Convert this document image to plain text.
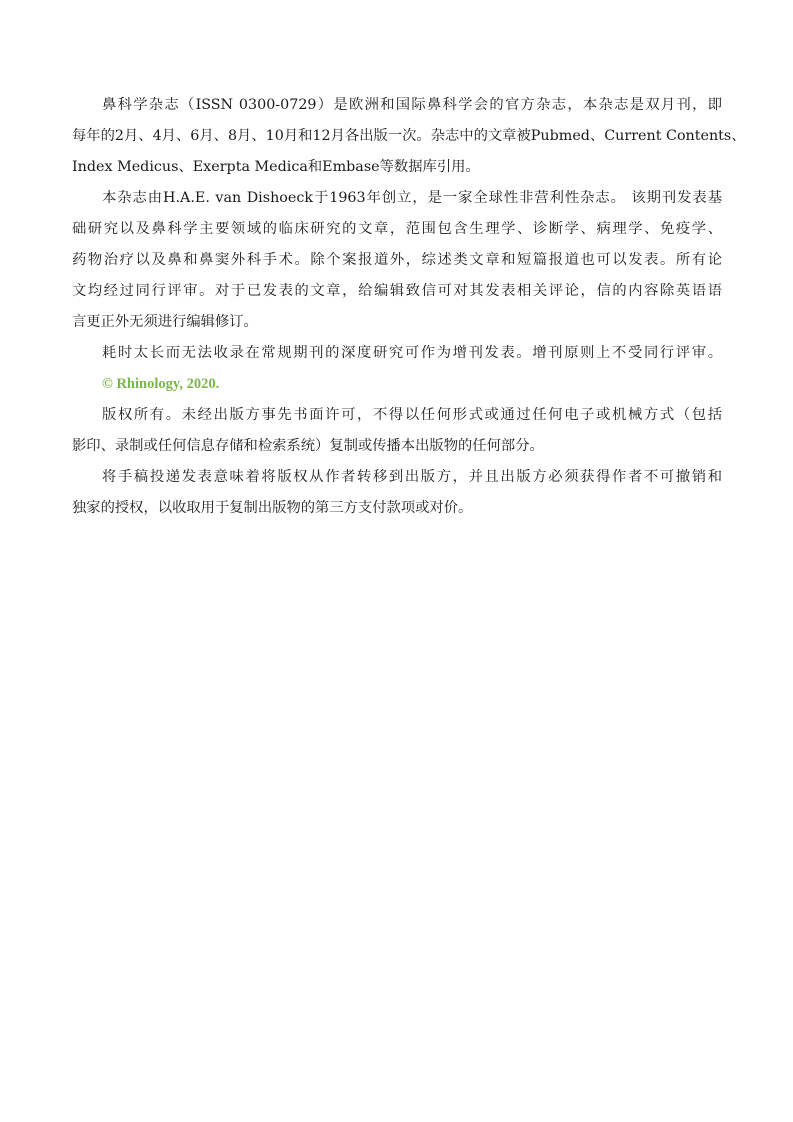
鼻科学杂志（ISSN 0300-0729）是欧洲和国际鼻科学会的官方杂志，本杂志是双月刊，即
每年的2月、4月、6月、8月、10月和12月各出版一次。杂志中的文章被Pubmed、Current Contents、
Index Medicus、Exerpta Medica和Embase等数据库引用。
本杂志由H.A.E. van Dishoeck于1963年创立，是一家全球性非营利性杂志。 该期刊发表基
础研究以及鼻科学主要领域的临床研究的文章，范围包含生理学、诊断学、病理学、免疫学、
药物治疗以及鼻和鼻窦外科手术。除个案报道外，综述类文章和短篇报道也可以发表。所有论
文均经过同行评审。对于已发表的文章，给编辑致信可对其发表相关评论，信的内容除英语语
言更正外无须进行编辑修订。
耗时太长而无法收录在常规期刊的深度研究可作为增刊发表。增刊原则上不受同行评审。
© Rhinology, 2020.
版权所有。未经出版方事先书面许可，不得以任何形式或通过任何电子或机械方式（包括
影印、录制或任何信息存储和检索系统）复制或传播本出版物的任何部分。
将手稿投递发表意味着将版权从作者转移到出版方，并且出版方必须获得作者不可撤销和
独家的授权，以收取用于复制出版物的第三方支付款项或对价。
